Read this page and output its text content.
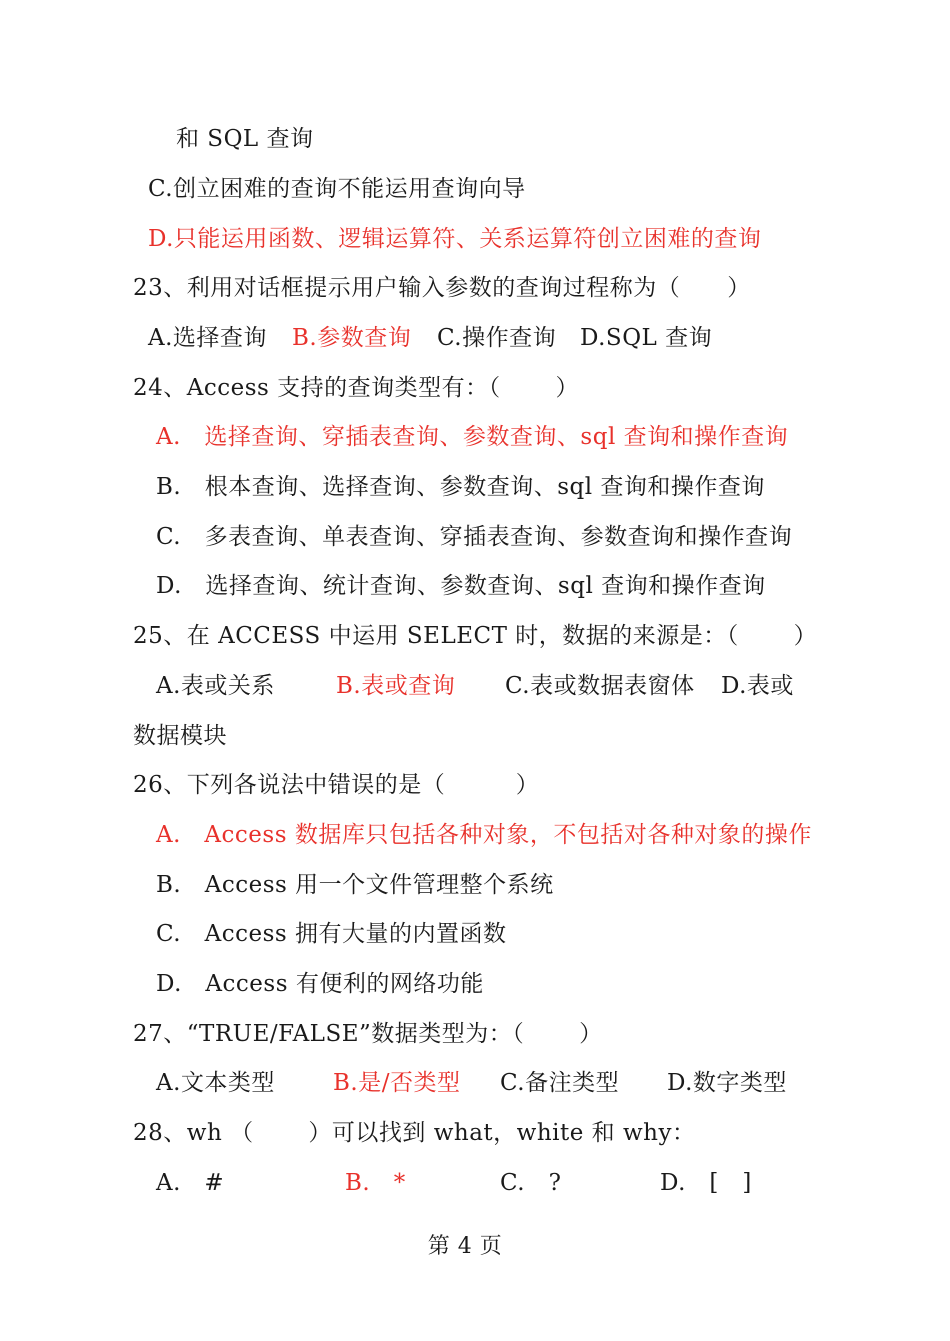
和 SQL 查询
C.创立困难的查询不能运用查询向导
D.只能运用函数、逻辑运算符、关系运算符创立困难的查询
23、利用对话框提示用户输入参数的查询过程称为（　　）
A.选择查询 B.参数查询 C.操作查询 D.SQL 查询
24、Access 支持的查询类型有：（　　 ）
A.　选择查询、穿插表查询、参数查询、sql 查询和操作查询
B.　根本查询、选择查询、参数查询、sql 查询和操作查询
C.　多表查询、单表查询、穿插表查询、参数查询和操作查询
D.　选择查询、统计查询、参数查询、sql 查询和操作查询
25、在 ACCESS 中运用 SELECT 时，数据的来源是：（　　 ）
A.表或关系	B.表或查询 C.表或数据表窗体 D.表或
数据模块
26、下列各说法中错误的是（　　　）
A.　Access 数据库只包括各种对象，不包括对各种对象的操作
B.　Access 用一个文件管理整个系统
C.　Access 拥有大量的内置函数
D.　Access 有便利的网络功能
27、“TRUE/FALSE”数据类型为：（　　 ）
A.文本类型	B.是/否类型 C.备注类型 D.数字类型
28、wh （　　 ）可以找到 what，white 和 why：
A.　#	B.　*	C.　?	D.　[　]
第 4 页
